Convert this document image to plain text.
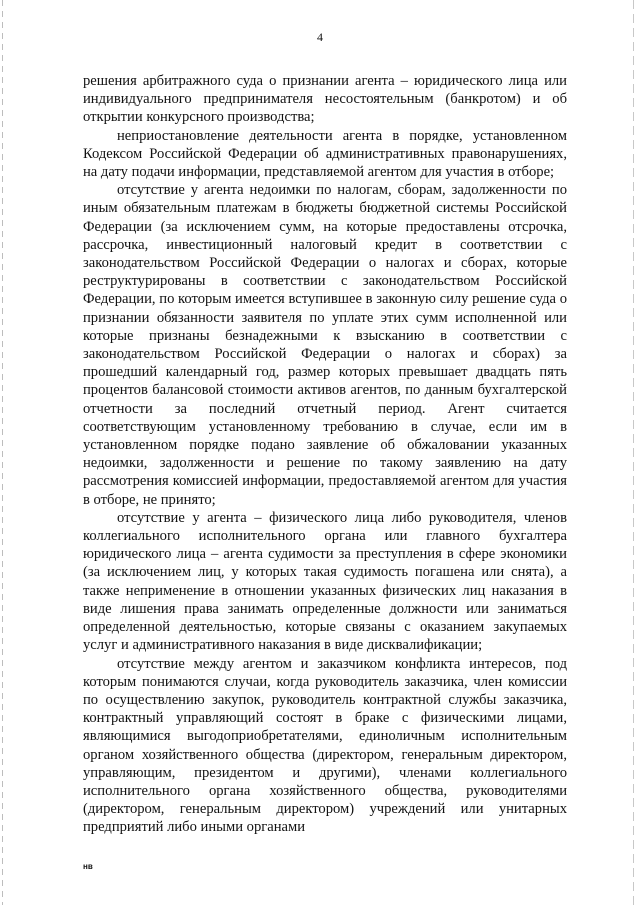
4

решения арбитражного суда о признании агента – юридического лица или индивидуального предпринимателя несостоятельным (банкротом) и об открытии конкурсного производства;

неприостановление деятельности агента в порядке, установленном Кодексом Российской Федерации об административных правонарушениях, на дату подачи информации, представляемой агентом для участия в отборе;

отсутствие у агента недоимки по налогам, сборам, задолженности по иным обязательным платежам в бюджеты бюджетной системы Российской Федерации (за исключением сумм, на которые предоставлены отсрочка, рассрочка, инвестиционный налоговый кредит в соответствии с законодательством Российской Федерации о налогах и сборах, которые реструктурированы в соответствии с законодательством Российской Федерации, по которым имеется вступившее в законную силу решение суда о признании обязанности заявителя по уплате этих сумм исполненной или которые признаны безнадежными к взысканию в соответствии с законодательством Российской Федерации о налогах и сборах) за прошедший календарный год, размер которых превышает двадцать пять процентов балансовой стоимости активов агентов, по данным бухгалтерской отчетности за последний отчетный период. Агент считается соответствующим установленному требованию в случае, если им в установленном порядке подано заявление об обжаловании указанных недоимки, задолженности и решение по такому заявлению на дату рассмотрения комиссией информации, предоставляемой агентом для участия в отборе, не принято;

отсутствие у агента – физического лица либо руководителя, членов коллегиального исполнительного органа или главного бухгалтера юридического лица – агента судимости за преступления в сфере экономики (за исключением лиц, у которых такая судимость погашена или снята), а также неприменение в отношении указанных физических лиц наказания в виде лишения права занимать определенные должности или заниматься определенной деятельностью, которые связаны с оказанием закупаемых услуг и административного наказания в виде дисквалификации;

отсутствие между агентом и заказчиком конфликта интересов, под которым понимаются случаи, когда руководитель заказчика, член комиссии по осуществлению закупок, руководитель контрактной службы заказчика, контрактный управляющий состоят в браке с физическими лицами, являющимися выгодоприобретателями, единоличным исполнительным органом хозяйственного общества (директором, генеральным директором, управляющим, президентом и другими), членами коллегиального исполнительного органа хозяйственного общества, руководителями (директором, генеральным директором) учреждений или унитарных предприятий либо иными органами

нв
